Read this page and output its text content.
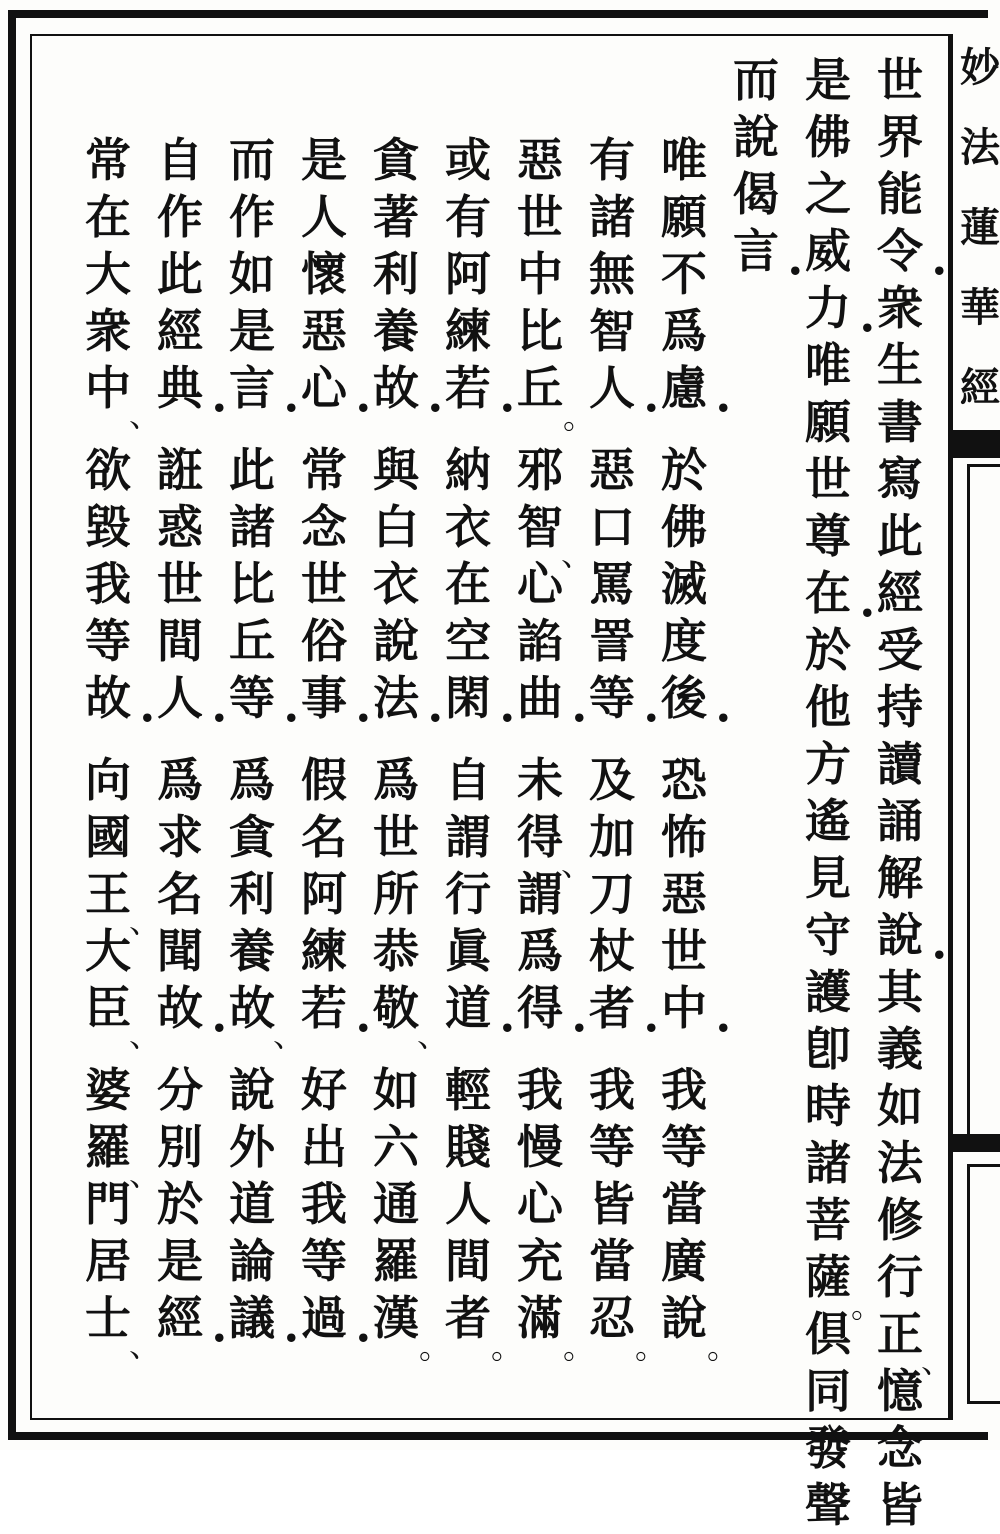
世
界
能
令 •
衆
生
書
寫
此
經
受
持
讀
誦
解
說 •
其
義
如
法
修
行
正 、
憶
念
皆
是
佛
之
威
力 •
唯
願
世
尊
在 •
於
他
方
遙
見
守
護
卽
時
諸
菩
薩 。
倶
同
發
聲
而
說
偈
言 •
唯
願
不
爲
慮 •
於
佛
滅
度
後 •
恐
怖
惡
世
中 •
我
等
當
廣
說 。
有
諸
無
智
人 •
惡
口
罵
詈
等 •
及
加
刀
杖
者 •
我
等
皆
當
忍 。
惡
世
中
比
丘 。
邪
智 、
心
諂
曲 •
未
得 、
謂
爲
得 •
我
慢
心
充
滿 。
或
有
阿
練
若 •
納
衣
在
空
閑 •
自
謂
行
眞
道 •
輕
賤
人
間
者 。
貪
著
利
養
故 •
與
白
衣
說
法 •
爲
世
所
恭
敬 、
如
六
通
羅
漢 。
是
人
懷
惡
心 •
常
念
世
俗
事 •
假
名
阿
練
若 •
好
出
我
等
過 •
而
作
如
是
言 •
此
諸
比
丘
等 •
爲
貪
利
養
故 、
說
外
道
論
議 •
自
作
此
經
典 •
誑
惑
世
間
人 •
爲
求
名
聞
故 •
分
別
於
是
經 •
常
在
大
衆
中 、
欲
毀
我
等
故 •
向
國
王 、
大
臣 、
婆
羅 、
門
居
士 、
妙
法
蓮
華
經
